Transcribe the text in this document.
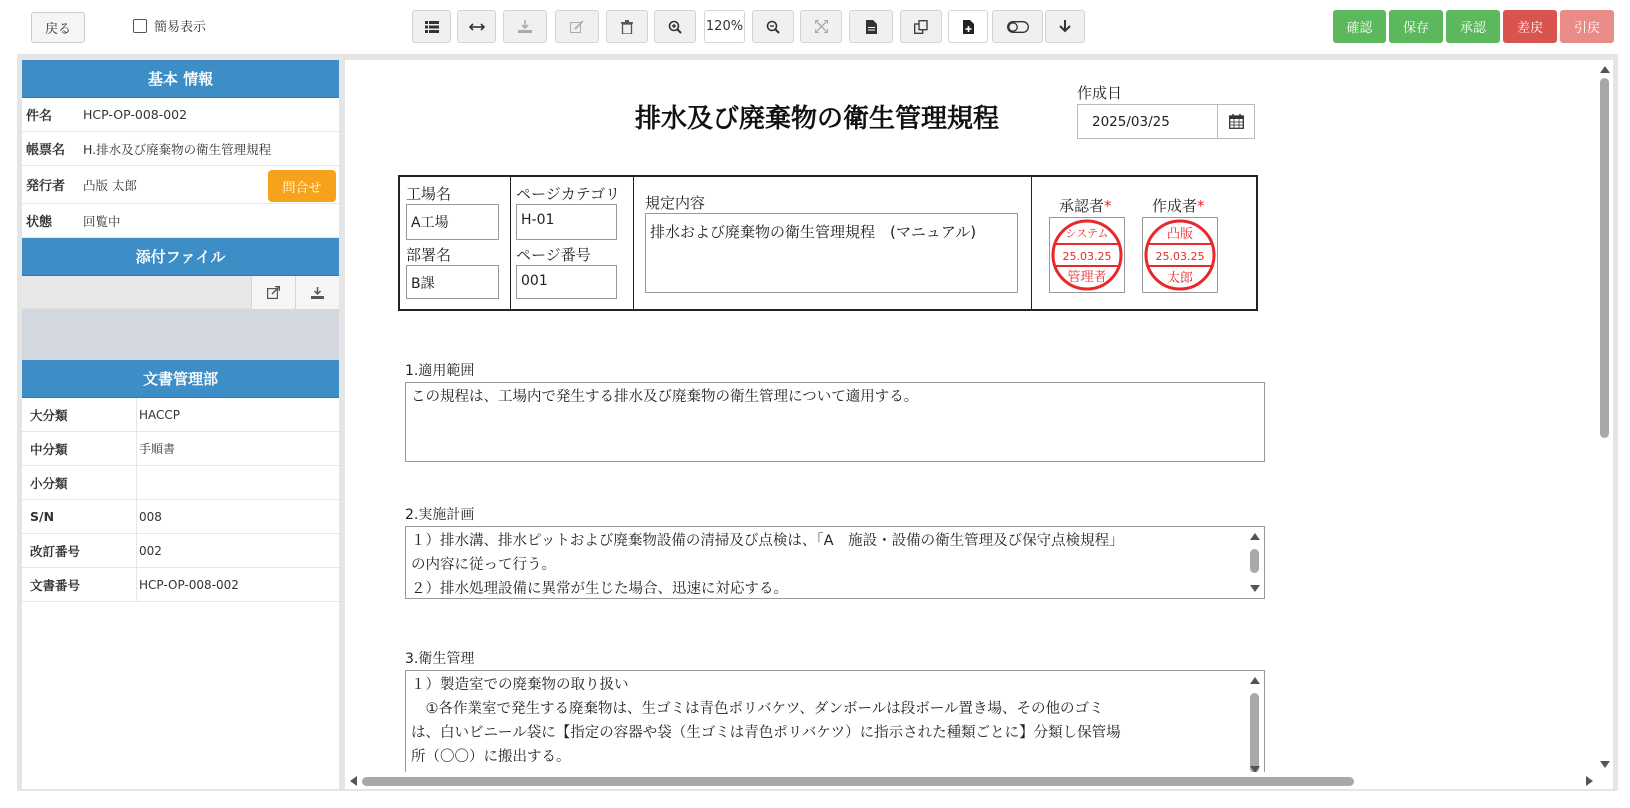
戻る	簡易表示	120%	確認	保存	承認	差戻	引戻
基本 情報
件名	HCP-OP-008-002
帳票名	H.排水及び廃棄物の衛生管理規程
発行者	凸版 太郎	問合せ
状態	回覧中
添付ファイル
文書管理部
大分類	HACCP
中分類	手順書
小分類
S/N	008
改訂番号	002
文書番号	HCP-OP-008-002
排水及び廃棄物の衛生管理規程
作成日
2025/03/25
工場名
A工場
部署名
B課
ページカテゴリ
H-01
ページ番号
001
規定内容
排水および廃棄物の衛生管理規程　(マニュアル)
承認者*	作成者*
システム
25.03.25
管理者
凸版
25.03.25
太郎
1.適用範囲
この規程は、工場内で発生する排水及び廃棄物の衛生管理について適用する。
2.実施計画
１）排水溝、排水ピットおよび廃棄物設備の清掃及び点検は、「A　施設・設備の衛生管理及び保守点検規程」
の内容に従って行う。
２）排水処理設備に異常が生じた場合、迅速に対応する。
3.衛生管理
１）製造室での廃棄物の取り扱い
　①各作業室で発生する廃棄物は、生ゴミは青色ポリバケツ、ダンボールは段ボール置き場、その他のゴミ
は、白いビニール袋に【指定の容器や袋（生ゴミは青色ポリバケツ）に指示された種類ごとに】分類し保管場
所（〇〇）に搬出する。
